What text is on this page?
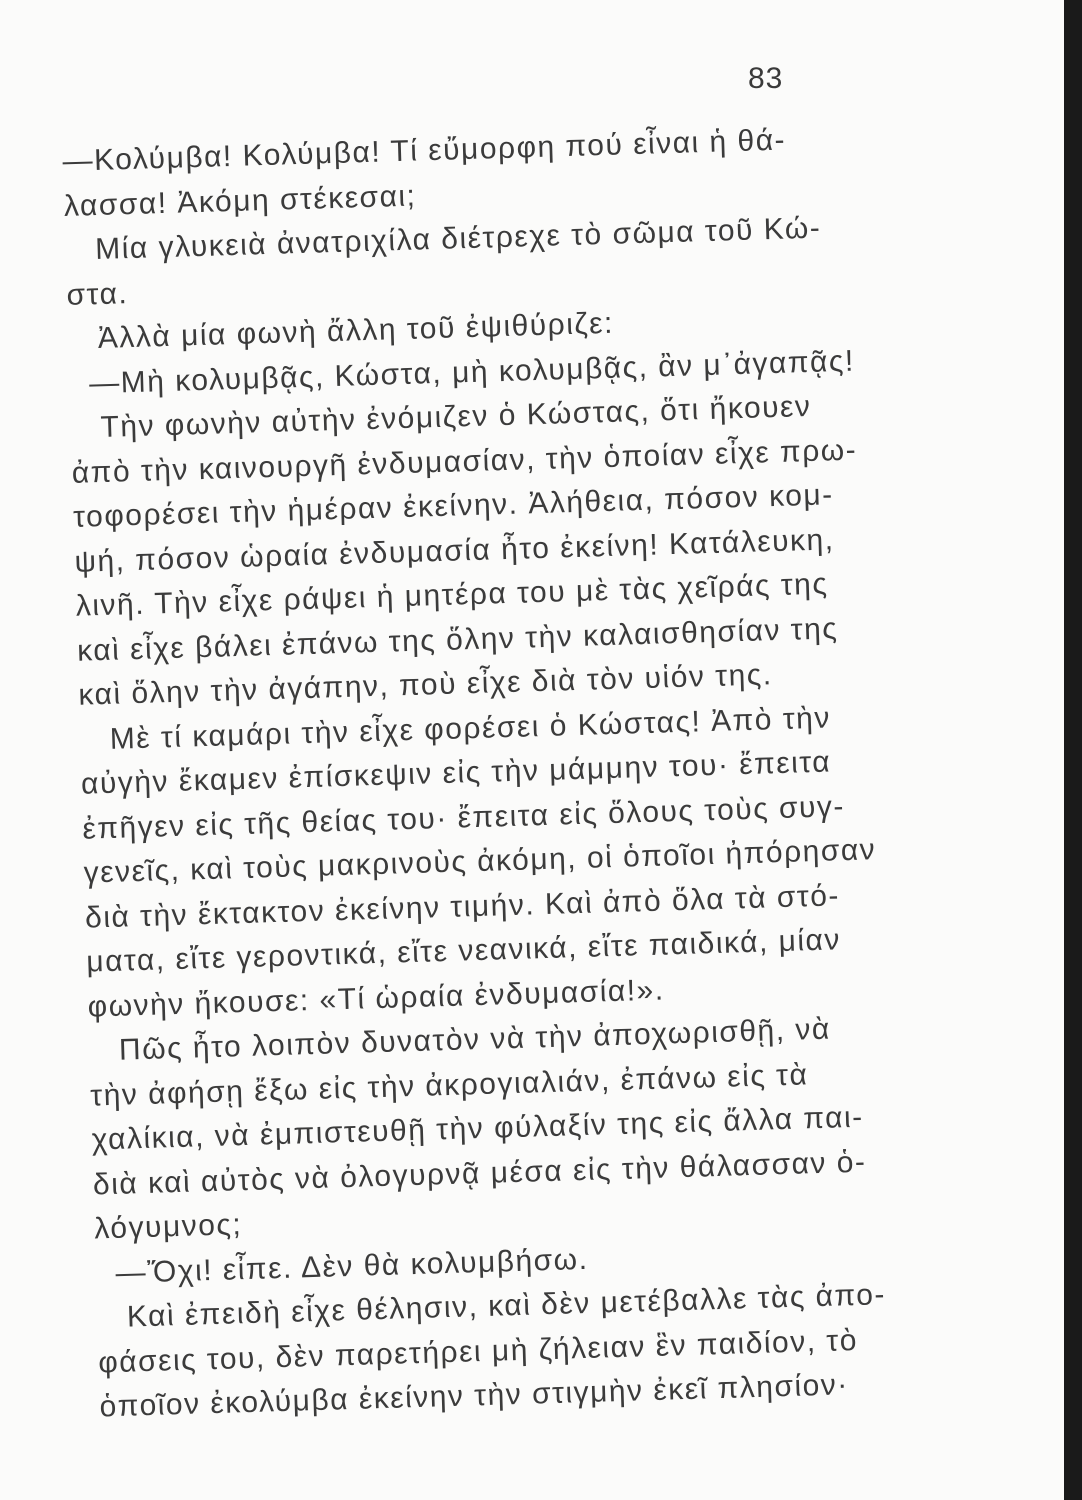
83
—Κολύμβα! Κολύμβα! Τί εὔμορφη πού εἶναι ἡ θά-
λασσα! Ἀκόμη στέκεσαι;
Μία γλυκειὰ ἀνατριχίλα διέτρεχε τὸ σῶμα τοῦ Κώ-
στα.
Ἀλλὰ μία φωνὴ ἄλλη τοῦ ἐψιθύριζε:
—Μὴ κολυμβᾷς, Κώστα, μὴ κολυμβᾷς, ἂν μ᾽ἀγαπᾷς!
Τὴν φωνὴν αὐτὴν ἐνόμιζεν ὁ Κώστας, ὅτι ἤκουεν
ἀπὸ τὴν καινουργῆ ἐνδυμασίαν, τὴν ὁποίαν εἶχε πρω-
τοφορέσει τὴν ἡμέραν ἐκείνην. Ἀλήθεια, πόσον κομ-
ψή, πόσον ὡραία ἐνδυμασία ἦτο ἐκείνη! Κατάλευκη,
λινῆ. Τὴν εἶχε ράψει ἡ μητέρα του μὲ τὰς χεῖράς της
καὶ εἶχε βάλει ἐπάνω της ὅλην τὴν καλαισθησίαν της
καὶ ὅλην τὴν ἀγάπην, ποὺ εἶχε διὰ τὸν υἱόν της.
Μὲ τί καμάρι τὴν εἶχε φορέσει ὁ Κώστας! Ἀπὸ τὴν
αὐγὴν ἔκαμεν ἐπίσκεψιν εἰς τὴν μάμμην του· ἔπειτα
ἐπῆγεν εἰς τῆς θείας του· ἔπειτα εἰς ὅλους τοὺς συγ-
γενεῖς, καὶ τοὺς μακρινοὺς ἀκόμη, οἱ ὁποῖοι ἠπόρησαν
διὰ τὴν ἔκτακτον ἐκείνην τιμήν. Καὶ ἀπὸ ὅλα τὰ στό-
ματα, εἴτε γεροντικά, εἴτε νεανικά, εἴτε παιδικά, μίαν
φωνὴν ἤκουσε: «Τί ὡραία ἐνδυμασία!».
Πῶς ἦτο λοιπὸν δυνατὸν νὰ τὴν ἀποχωρισθῇ, νὰ
τὴν ἀφήσῃ ἔξω εἰς τὴν ἀκρογιαλιάν, ἐπάνω εἰς τὰ
χαλίκια, νὰ ἐμπιστευθῇ τὴν φύλαξίν της εἰς ἄλλα παι-
διὰ καὶ αὐτὸς νὰ ὀλογυρνᾷ μέσα εἰς τὴν θάλασσαν ὁ-
λόγυμνος;
—Ὄχι! εἶπε. Δὲν θὰ κολυμβήσω.
Καὶ ἐπειδὴ εἶχε θέλησιν, καὶ δὲν μετέβαλλε τὰς ἀπο-
φάσεις του, δὲν παρετήρει μὴ ζήλειαν ἓν παιδίον, τὸ
ὁποῖον ἐκολύμβα ἐκείνην τὴν στιγμὴν ἐκεῖ πλησίον·
